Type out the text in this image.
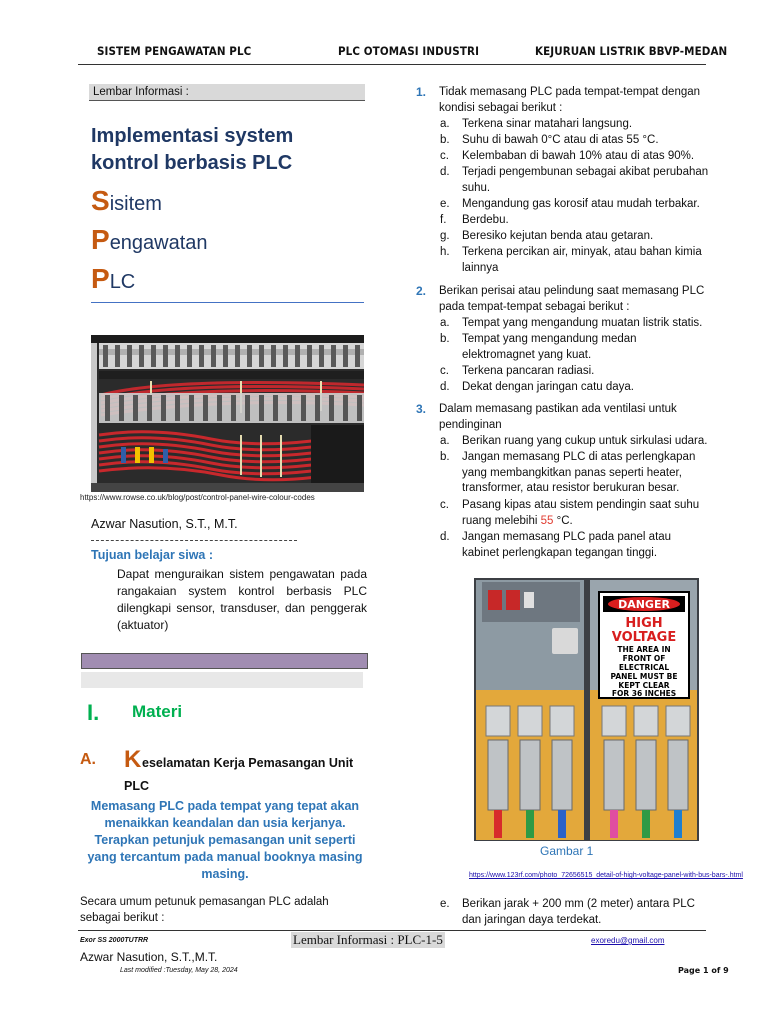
SISTEM PENGAWATAN PLC	PLC OTOMASI INDUSTRI	KEJURUAN LISTRIK BBVP-MEDAN
Lembar Informasi :
Implementasi system
kontrol berbasis PLC
Sisitem
Pengawatan
PLC
https://www.rowse.co.uk/blog/post/control-panel-wire-colour-codes
Azwar Nasution, S.T., M.T.
Tujuan belajar siwa :
Dapat menguraikan sistem pengawatan pada rangakaian system kontrol berbasis PLC dilengkapi sensor, transduser, dan penggerak (aktuator)
I. Materi
A. K eselamatan Kerja Pemasangan Unit
PLC
Memasang PLC pada tempat yang tepat akan menaikkan keandalan dan usia kerjanya. Terapkan petunjuk pemasangan unit seperti yang tercantum pada manual booknya masing masing.
Secara umum petunuk pemasangan PLC adalah sebagai berikut :
1. Tidak memasang PLC pada tempat-tempat dengan kondisi sebagai berikut :
a.	Terkena sinar matahari langsung.
b.	Suhu di bawah 0°C atau di atas 55 °C.
c.	Kelembaban di bawah 10% atau di atas 90%.
d.	Terjadi pengembunan sebagai akibat perubahan suhu.
e.	Mengandung gas korosif atau mudah terbakar.
f.	Berdebu.
g.	Beresiko kejutan benda atau getaran.
h.	Terkena percikan air, minyak, atau bahan kimia lainnya
2. Berikan perisai atau pelindung saat memasang PLC pada tempat-tempat sebagai berikut :
a.	Tempat yang mengandung muatan listrik statis.
b.	Tempat yang mengandung medan elektromagnet yang kuat.
c.	Terkena pancaran radiasi.
d.	Dekat dengan jaringan catu daya.
3. Dalam memasang pastikan ada ventilasi untuk pendinginan
a.	Berikan ruang yang cukup untuk sirkulasi udara.
b.	Jangan memasang PLC di atas perlengkapan yang membangkitkan panas seperti heater, transformer, atau resistor berukuran besar.
c.	Pasang kipas atau sistem pendingin saat suhu ruang melebihi 55 °C.
d.	Jangan memasang PLC pada panel atau kabinet perlengkapan tegangan tinggi.
DANGER
HIGH
VOLTAGE
THE AREA IN
FRONT OF
ELECTRICAL
PANEL MUST BE
KEPT CLEAR
FOR 36 INCHES
Gambar 1
https://www.123rf.com/photo_72656515_detail-of-high-voltage-panel-with-bus-bars-.html
e.	Berikan jarak + 200 mm (2 meter) antara PLC dan jaringan daya terdekat.
Exor SS 2000TUTRR	Lembar Informasi : PLC-1-5	exoredu@gmail.com
Azwar Nasution, S.T.,M.T.
Last modified :Tuesday, May 28, 2024	Page 1 of 9
